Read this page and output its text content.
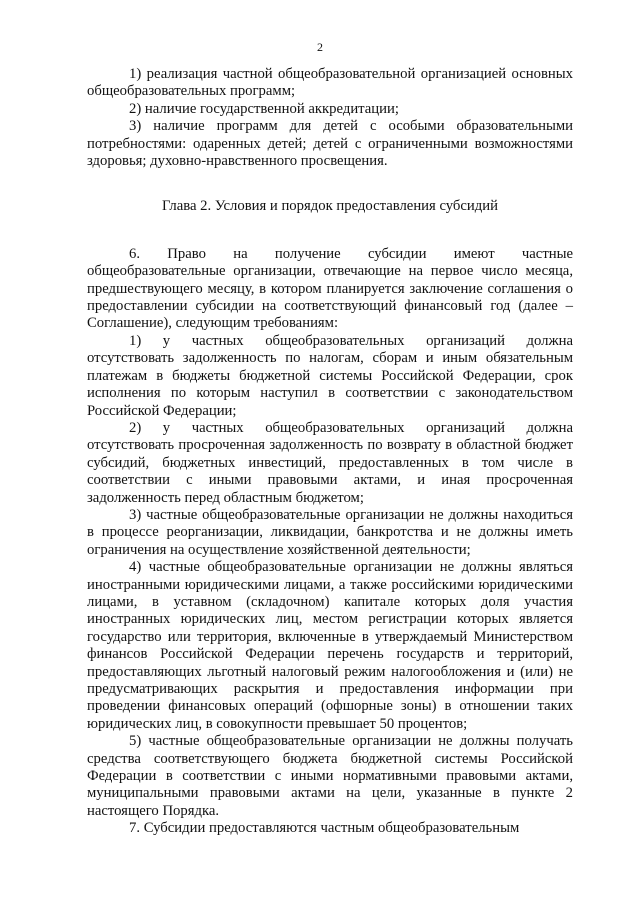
2

1) реализация частной общеобразовательной организацией основных общеобразовательных программ;

2) наличие государственной аккредитации;

3) наличие программ для детей с особыми образовательными потребностями: одаренных детей; детей с ограниченными возможностями здоровья; духовно-нравственного просвещения.

Глава 2. Условия и порядок предоставления субсидий

6. Право на получение субсидии имеют частные общеобразовательные организации, отвечающие на первое число месяца, предшествующего месяцу, в котором планируется заключение соглашения о предоставлении субсидии на соответствующий финансовый год (далее – Соглашение), следующим требованиям:

1) у частных общеобразовательных организаций должна отсутствовать задолженность по налогам, сборам и иным обязательным платежам в бюджеты бюджетной системы Российской Федерации, срок исполнения по которым наступил в соответствии с законодательством Российской Федерации;

2) у частных общеобразовательных организаций должна отсутствовать просроченная задолженность по возврату в областной бюджет субсидий, бюджетных инвестиций, предоставленных в том числе в соответствии с иными правовыми актами, и иная просроченная задолженность перед областным бюджетом;

3) частные общеобразовательные организации не должны находиться в процессе реорганизации, ликвидации, банкротства и не должны иметь ограничения на осуществление хозяйственной деятельности;

4) частные общеобразовательные организации не должны являться иностранными юридическими лицами, а также российскими юридическими лицами, в уставном (складочном) капитале которых доля участия иностранных юридических лиц, местом регистрации которых является государство или территория, включенные в утверждаемый Министерством финансов Российской Федерации перечень государств и территорий, предоставляющих льготный налоговый режим налогообложения и (или) не предусматривающих раскрытия и предоставления информации при проведении финансовых операций (офшорные зоны) в отношении таких юридических лиц, в совокупности превышает 50 процентов;

5) частные общеобразовательные организации не должны получать средства соответствующего бюджета бюджетной системы Российской Федерации в соответствии с иными нормативными правовыми актами, муниципальными правовыми актами на цели, указанные в пункте 2 настоящего Порядка.

7. Субсидии предоставляются частным общеобразовательным
